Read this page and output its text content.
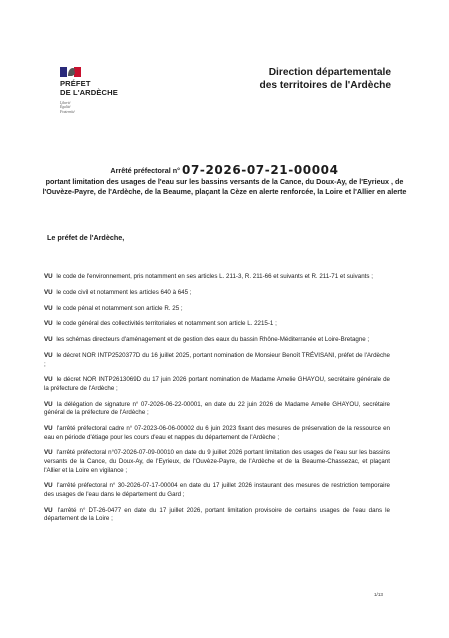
PRÉFET
DE L'ARDÈCHE
Liberté
Égalité
Fraternité
Direction départementale
des territoires de l'Ardèche
Arrêté préfectoral n° 07-2026-07-21-00004
portant limitation des usages de l'eau sur les bassins versants de la Cance, du Doux-Ay, de l'Eyrieux , de l'Ouvèze-Payre, de l'Ardèche, de la Beaume, plaçant la Cèze en alerte renforcée, la Loire et l'Allier en alerte
Le préfet de l'Ardèche,
VU le code de l'environnement, pris notamment en ses articles L. 211-3, R. 211-66 et suivants et R. 211-71 et suivants ;
VU le code civil et notamment les articles 640 à 645 ;
VU le code pénal et notamment son article R. 25 ;
VU le code général des collectivités territoriales et notamment son article L. 2215-1 ;
VU les schémas directeurs d'aménagement et de gestion des eaux du bassin Rhône-Méditerranée et Loire-Bretagne ;
VU le décret NOR INTP2520377D du 16 juillet 2025, portant nomination de Monsieur Benoît TRÉVISANI, préfet de l'Ardèche ;
VU le décret NOR INTP2613069D du 17 juin 2026 portant nomination de Madame Amelie GHAYOU, secrétaire générale de la préfecture de l'Ardèche ;
VU la délégation de signature n° 07-2026-06-22-00001, en date du 22 juin 2026 de Madame Amelle GHAYOU, secrétaire général de la préfecture de l'Ardèche ;
VU l'arrêté préfectoral cadre n° 07-2023-06-06-00002 du 6 juin 2023 fixant des mesures de préservation de la ressource en eau en période d'étiage pour les cours d'eau et nappes du département de l'Ardèche ;
VU l'arrêté préfectoral n°07-2026-07-09-00010 en date du 9 juillet 2026 portant limitation des usages de l'eau sur les bassins versants de la Cance, du Doux-Ay, de l'Eyrieux, de l'Ouvèze-Payre, de l'Ardèche et de la Beaume-Chassezac, et plaçant l'Allier et la Loire en vigilance ;
VU l'arrêté préfectoral n° 30-2026-07-17-00004 en date du 17 juillet 2026 instaurant des mesures de restriction temporaire des usages de l'eau dans le département du Gard ;
VU l'arrêté n° DT-26-0477 en date du 17 juillet 2026, portant limitation provisoire de certains usages de l'eau dans le département de la Loire ;
1/13
